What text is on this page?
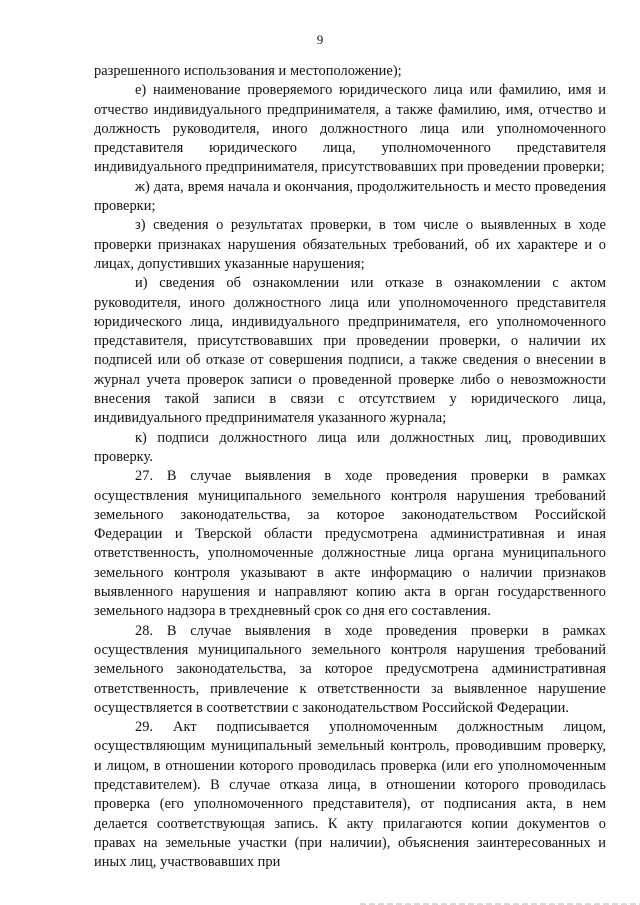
9

разрешенного использования и местоположение);

е) наименование проверяемого юридического лица или фамилию, имя и отчество индивидуального предпринимателя, а также фамилию, имя, отчество и должность руководителя, иного должностного лица или уполномоченного представителя юридического лица, уполномоченного представителя индивидуального предпринимателя, присутствовавших при проведении проверки;

ж) дата, время начала и окончания, продолжительность и место проведения проверки;

з) сведения о результатах проверки, в том числе о выявленных в ходе проверки признаках нарушения обязательных требований, об их характере и о лицах, допустивших указанные нарушения;

и) сведения об ознакомлении или отказе в ознакомлении с актом руководителя, иного должностного лица или уполномоченного представителя юридического лица, индивидуального предпринимателя, его уполномоченного представителя, присутствовавших при проведении проверки, о наличии их подписей или об отказе от совершения подписи, а также сведения о внесении в журнал учета проверок записи о проведенной проверке либо о невозможности внесения такой записи в связи с отсутствием у юридического лица, индивидуального предпринимателя указанного журнала;

к) подписи должностного лица или должностных лиц, проводивших проверку.

27. В случае выявления в ходе проведения проверки в рамках осуществления муниципального земельного контроля нарушения требований земельного законодательства, за которое законодательством Российской Федерации и Тверской области предусмотрена административная и иная ответственность, уполномоченные должностные лица органа муниципального земельного контроля указывают в акте информацию о наличии признаков выявленного нарушения и направляют копию акта в орган государственного земельного надзора в трехдневный срок со дня его составления.

28. В случае выявления в ходе проведения проверки в рамках осуществления муниципального земельного контроля нарушения требований земельного законодательства, за которое предусмотрена административная ответственность, привлечение к ответственности за выявленное нарушение осуществляется в соответствии с законодательством Российской Федерации.

29. Акт подписывается уполномоченным должностным лицом, осуществляющим муниципальный земельный контроль, проводившим проверку, и лицом, в отношении которого проводилась проверка (или его уполномоченным представителем). В случае отказа лица, в отношении которого проводилась проверка (его уполномоченного представителя), от подписания акта, в нем делается соответствующая запись. К акту прилагаются копии документов о правах на земельные участки (при наличии), объяснения заинтересованных и иных лиц, участвовавших при
